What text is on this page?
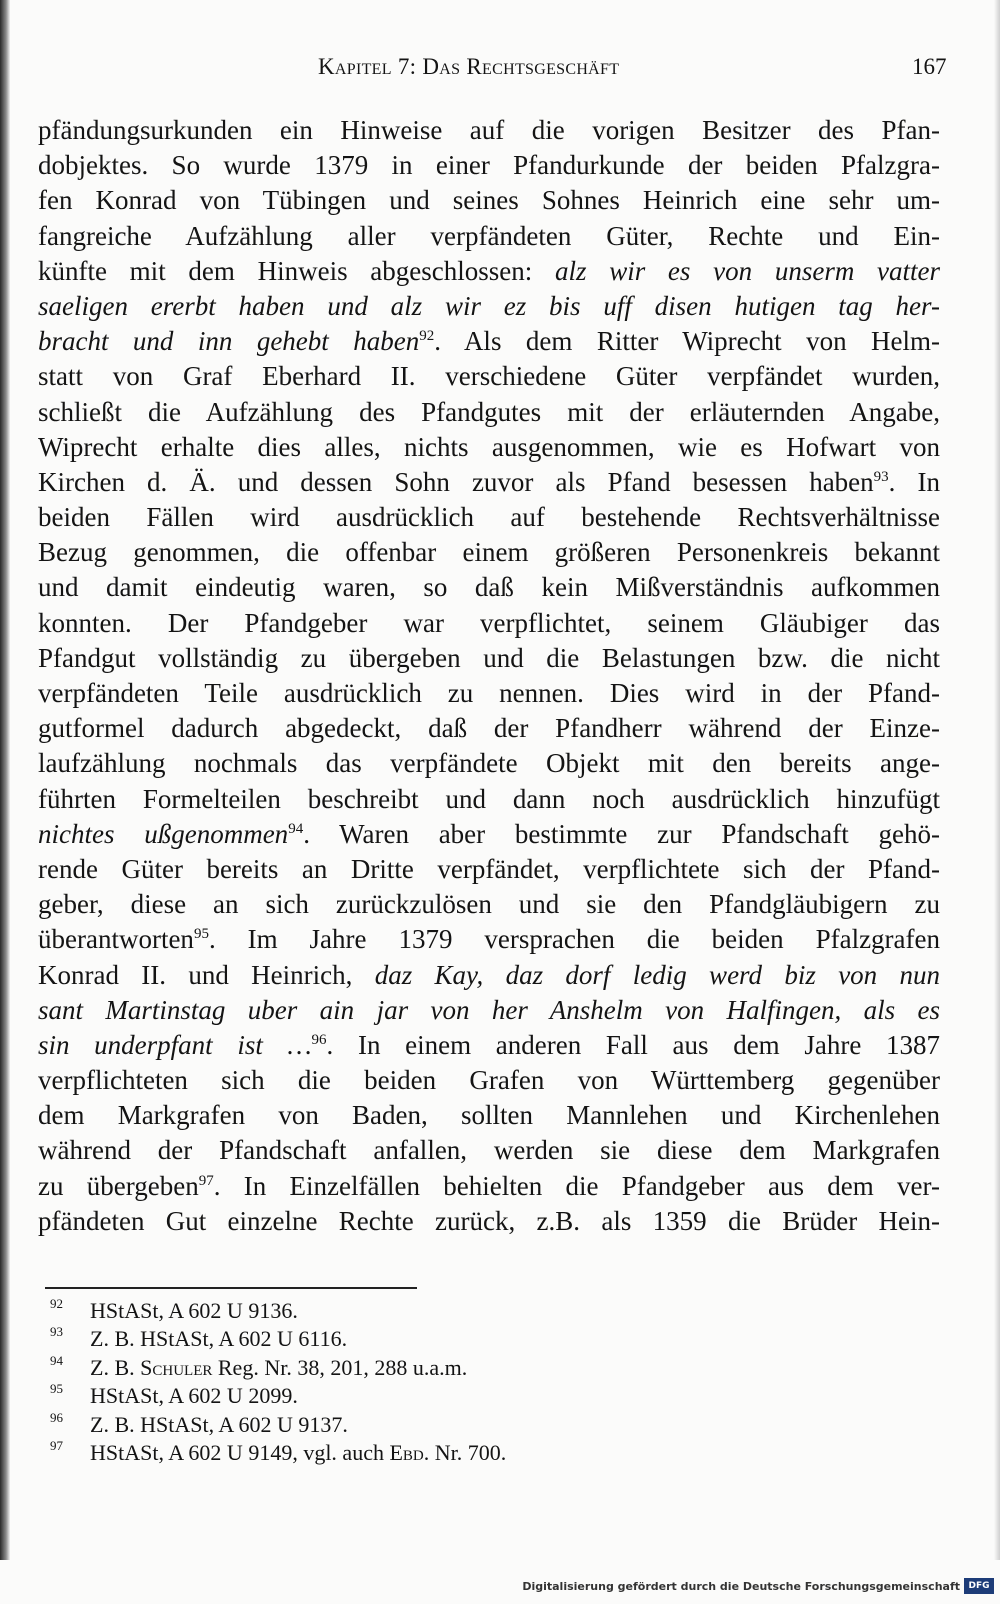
Kapitel 7: Das Rechtsgeschäft	167
pfändungsurkunden ein Hinweise auf die vorigen Besitzer des Pfan-
dobjektes. So wurde 1379 in einer Pfandurkunde der beiden Pfalzgra-
fen Konrad von Tübingen und seines Sohnes Heinrich eine sehr um-
fangreiche Aufzählung aller verpfändeten Güter, Rechte und Ein-
künfte mit dem Hinweis abgeschlossen: alz wir es von unserm vatter
saeligen ererbt haben und alz wir ez bis uff disen hutigen tag her-
bracht und inn gehebt haben$^{92}$. Als dem Ritter Wiprecht von Helm-
statt von Graf Eberhard II. verschiedene Güter verpfändet wurden,
schließt die Aufzählung des Pfandgutes mit der erläuternden Angabe,
Wiprecht erhalte dies alles, nichts ausgenommen, wie es Hofwart von
Kirchen d. Ä. und dessen Sohn zuvor als Pfand besessen haben$^{93}$. In
beiden Fällen wird ausdrücklich auf bestehende Rechtsverhältnisse
Bezug genommen, die offenbar einem größeren Personenkreis bekannt
und damit eindeutig waren, so daß kein Mißverständnis aufkommen
konnten. Der Pfandgeber war verpflichtet, seinem Gläubiger das
Pfandgut vollständig zu übergeben und die Belastungen bzw. die nicht
verpfändeten Teile ausdrücklich zu nennen. Dies wird in der Pfand-
gutformel dadurch abgedeckt, daß der Pfandherr während der Einze-
laufzählung nochmals das verpfändete Objekt mit den bereits ange-
führten Formelteilen beschreibt und dann noch ausdrücklich hinzufügt
nichtes ußgenommen$^{94}$. Waren aber bestimmte zur Pfandschaft gehö-
rende Güter bereits an Dritte verpfändet, verpflichtete sich der Pfand-
geber, diese an sich zurückzulösen und sie den Pfandgläubigern zu
überantworten$^{95}$. Im Jahre 1379 versprachen die beiden Pfalzgrafen
Konrad II. und Heinrich, daz Kay, daz dorf ledig werd biz von nun
sant Martinstag uber ain jar von her Anshelm von Halfingen, als es
sin underpfant ist …$^{96}$. In einem anderen Fall aus dem Jahre 1387
verpflichteten sich die beiden Grafen von Württemberg gegenüber
dem Markgrafen von Baden, sollten Mannlehen und Kirchenlehen
während der Pfandschaft anfallen, werden sie diese dem Markgrafen
zu übergeben$^{97}$. In Einzelfällen behielten die Pfandgeber aus dem ver-
pfändeten Gut einzelne Rechte zurück, z.B. als 1359 die Brüder Hein-
92	HStASt, A 602 U 9136.
93	Z. B. HStASt, A 602 U 6116.
94	Z. B. Schuler Reg. Nr. 38, 201, 288 u.a.m.
95	HStASt, A 602 U 2099.
96	Z. B. HStASt, A 602 U 9137.
97	HStASt, A 602 U 9149, vgl. auch Ebd. Nr. 700.
Digitalisierung gefördert durch die Deutsche Forschungsgemeinschaft DFG
